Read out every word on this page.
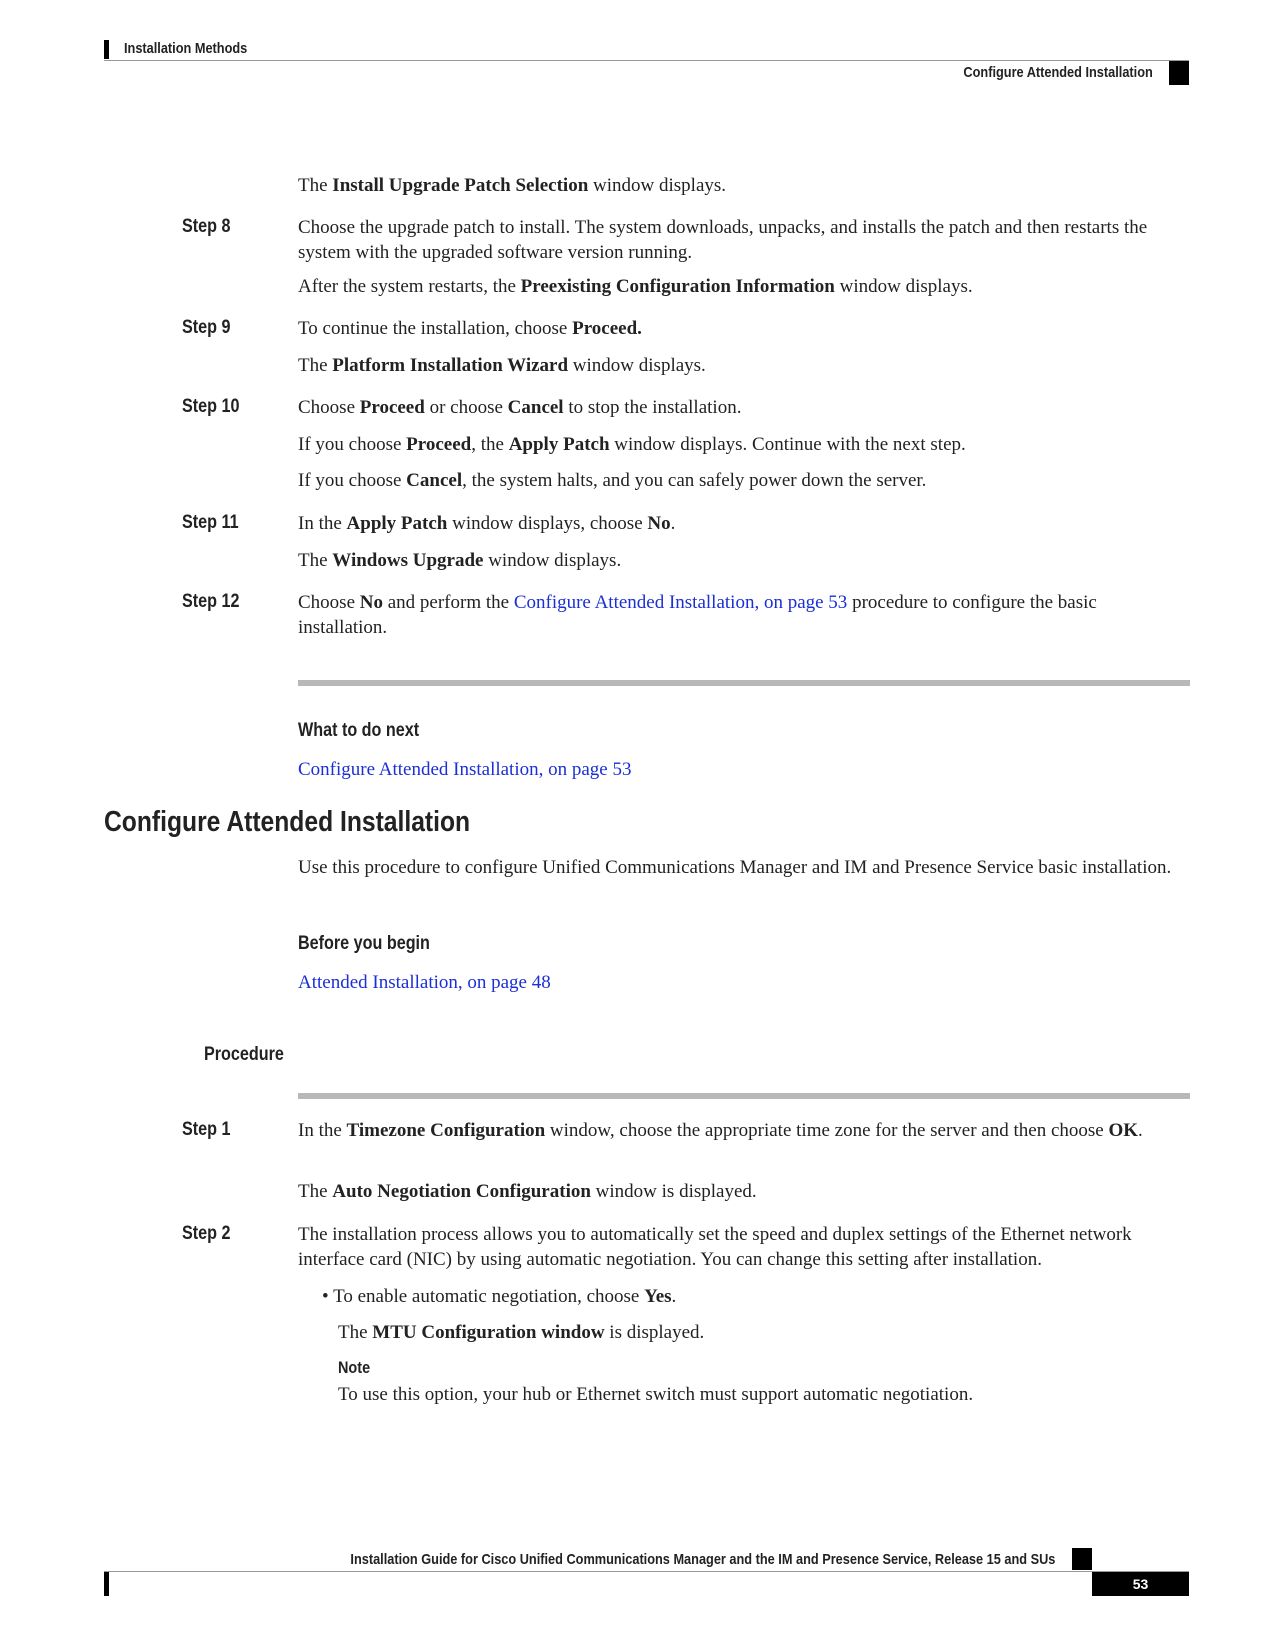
Installation Methods
Configure Attended Installation
The Install Upgrade Patch Selection window displays.
Step 8	Choose the upgrade patch to install. The system downloads, unpacks, and installs the patch and then restarts the system with the upgraded software version running.
After the system restarts, the Preexisting Configuration Information window displays.
Step 9	To continue the installation, choose Proceed.
The Platform Installation Wizard window displays.
Step 10	Choose Proceed or choose Cancel to stop the installation.
If you choose Proceed, the Apply Patch window displays. Continue with the next step.
If you choose Cancel, the system halts, and you can safely power down the server.
Step 11	In the Apply Patch window displays, choose No.
The Windows Upgrade window displays.
Step 12	Choose No and perform the Configure Attended Installation, on page 53 procedure to configure the basic installation.
What to do next
Configure Attended Installation, on page 53
Configure Attended Installation
Use this procedure to configure Unified Communications Manager and IM and Presence Service basic installation.
Before you begin
Attended Installation, on page 48
Procedure
Step 1	In the Timezone Configuration window, choose the appropriate time zone for the server and then choose OK.
The Auto Negotiation Configuration window is displayed.
Step 2	The installation process allows you to automatically set the speed and duplex settings of the Ethernet network interface card (NIC) by using automatic negotiation. You can change this setting after installation.
• To enable automatic negotiation, choose Yes.
The MTU Configuration window is displayed.
Note
To use this option, your hub or Ethernet switch must support automatic negotiation.
Installation Guide for Cisco Unified Communications Manager and the IM and Presence Service, Release 15 and SUs
53
